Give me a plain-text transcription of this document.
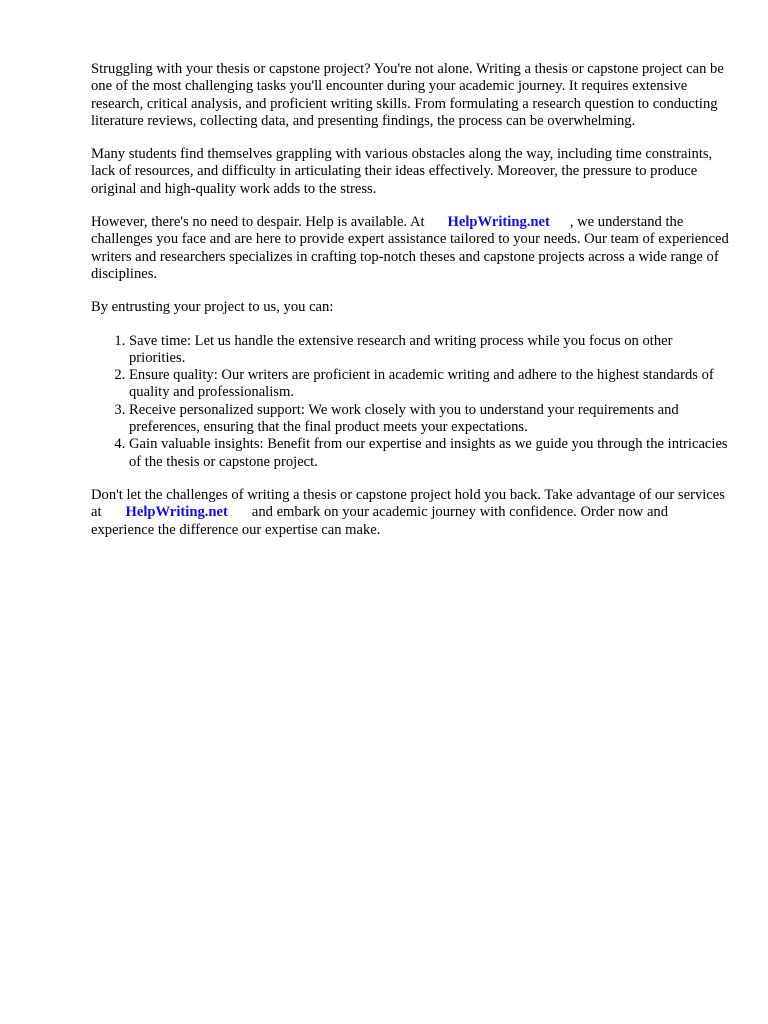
Struggling with your thesis or capstone project? You're not alone. Writing a thesis or capstone project can be one of the most challenging tasks you'll encounter during your academic journey. It requires extensive research, critical analysis, and proficient writing skills. From formulating a research question to conducting literature reviews, collecting data, and presenting findings, the process can be overwhelming.

Many students find themselves grappling with various obstacles along the way, including time constraints, lack of resources, and difficulty in articulating their ideas effectively. Moreover, the pressure to produce original and high-quality work adds to the stress.

However, there's no need to despair. Help is available. At HelpWriting.net , we understand the challenges you face and are here to provide expert assistance tailored to your needs. Our team of experienced writers and researchers specializes in crafting top-notch theses and capstone projects across a wide range of disciplines.

By entrusting your project to us, you can:

1. Save time: Let us handle the extensive research and writing process while you focus on other priorities.
2. Ensure quality: Our writers are proficient in academic writing and adhere to the highest standards of quality and professionalism.
3. Receive personalized support: We work closely with you to understand your requirements and preferences, ensuring that the final product meets your expectations.
4. Gain valuable insights: Benefit from our expertise and insights as we guide you through the intricacies of the thesis or capstone project.

Don't let the challenges of writing a thesis or capstone project hold you back. Take advantage of our services at HelpWriting.net and embark on your academic journey with confidence. Order now and experience the difference our expertise can make.
